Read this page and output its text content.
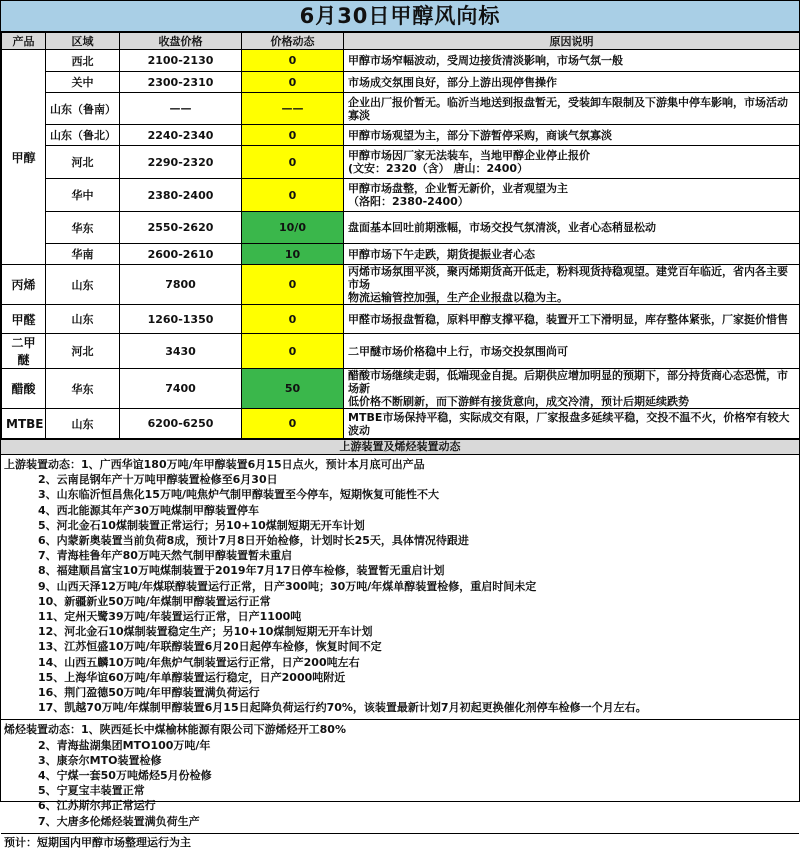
6月30日甲醇风向标
产品	区域	收盘价格	价格动态	原因说明
甲醇	西北	2100-2130	0	甲醇市场窄幅波动，受周边接货清淡影响，市场气氛一般

	关中	2300-2310	0	市场成交氛围良好，部分上游出现停售操作

	山东（鲁南）	——	——	企业出厂报价暂无。临沂当地送到报盘暂无，受装卸车限制及下游集中停车影响，市场活动寡淡

	山东（鲁北）	2240-2340	0	甲醇市场观望为主，部分下游暂停采购，商谈气氛寡淡

	河北	2290-2320	0	甲醇市场因厂家无法装车，当地甲醇企业停止报价
(文安：2320（含） 唐山：2400）

	华中	2380-2400	0	甲醇市场盘整，企业暂无新价，业者观望为主
（洛阳：2380-2400）

	华东	2550-2620	10/0	盘面基本回吐前期涨幅，市场交投气氛清淡，业者心态稍显松动

	华南	2600-2610	10	甲醇市场下午走跌，期货提振业者心态

丙烯	山东	7800	0	丙烯市场氛围平淡，聚丙烯期货高开低走，粉料现货持稳观望。建党百年临近，省内各主要市场
物流运输管控加强，生产企业报盘以稳为主。

甲醛	山东	1260-1350	0	甲醛市场报盘暂稳，原料甲醇支撑平稳，装置开工下滑明显，库存整体紧张，厂家挺价惜售

二甲醚	河北	3430	0	二甲醚市场价格稳中上行，市场交投氛围尚可

醋酸	华东	7400	50	醋酸市场继续走弱，低端现金自提。后期供应增加明显的预期下，部分持货商心态恐慌，市场新
低价格不断刷新，而下游鲜有接货意向，成交冷清，预计后期延续跌势

MTBE	山东	6200-6250	0	MTBE市场保持平稳，实际成交有限，厂家报盘多延续平稳，交投不温不火，价格窄有较大波动
上游装置及烯烃装置动态
上游装置动态：1、广西华谊180万吨/年甲醇装置6月15日点火，预计本月底可出产品
2、云南昆钢年产十万吨甲醇装置检修至6月30日
3、山东临沂恒昌焦化15万吨/吨焦炉气制甲醇装置至今停车，短期恢复可能性不大
4、西北能源其年产30万吨煤制甲醇装置停车
5、河北金石10煤制装置正常运行；另10+10煤制短期无开车计划
6、内蒙新奥装置当前负荷8成，预计7月8日开始检修，计划时长25天，具体情况待跟进
7、青海桂鲁年产80万吨天然气制甲醇装置暂未重启
8、福建顺昌富宝10万吨煤制装置于2019年7月17日停车检修，装置暂无重启计划
9、山西天泽12万吨/年煤联醇装置运行正常，日产300吨；30万吨/年煤单醇装置检修，重启时间未定
10、新疆新业50万吨/年煤制甲醇装置运行正常
11、定州天鹭39万吨/年装置运行正常，日产1100吨
12、河北金石10煤制装置稳定生产；另10+10煤制短期无开车计划
13、江苏恒盛10万吨/年联醇装置6月20日起停车检修，恢复时间不定
14、山西五麟10万吨/年焦炉气制装置运行正常，日产200吨左右
15、上海华谊60万吨/年单醇装置运行稳定，日产2000吨附近
16、荆门盈德50万吨/年甲醇装置满负荷运行
17、凯越70万吨/年煤制甲醇装置6月15日起降负荷运行约70%，该装置最新计划7月初起更换催化剂停车检修一个月左右。
烯烃装置动态：1、陕西延长中煤榆林能源有限公司下游烯烃开工80%
2、青海盐湖集团MTO100万吨/年
3、康奈尔MTO装置检修
4、宁煤一套50万吨烯烃5月份检修
5、宁夏宝丰装置正常
6、江苏斯尔邦正常运行
7、大唐多伦烯烃装置满负荷生产
预计：短期国内甲醇市场整理运行为主
